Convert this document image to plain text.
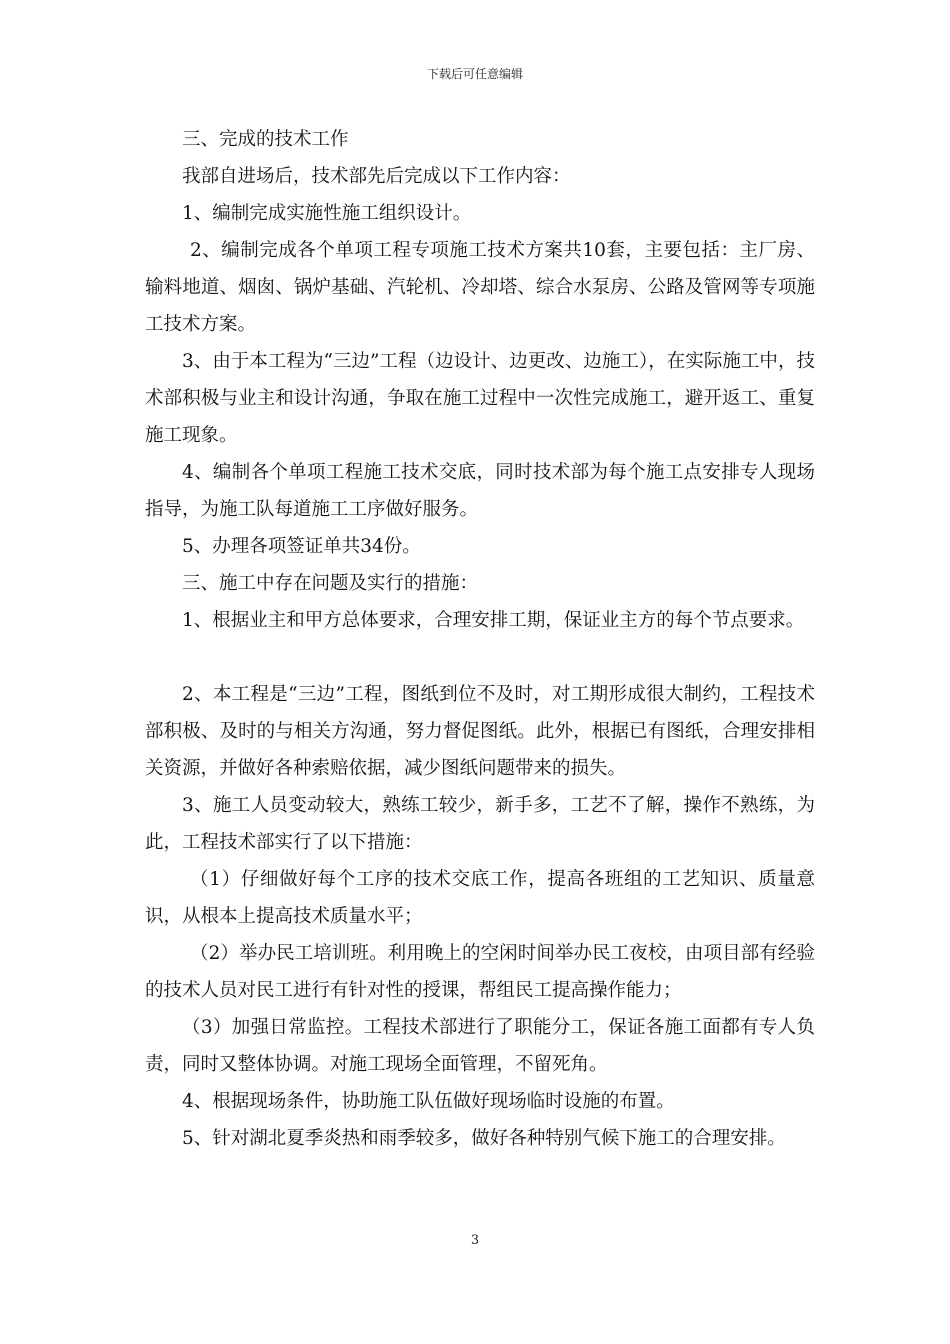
下载后可任意编辑

三、完成的技术工作

我部自进场后，技术部先后完成以下工作内容：

1、编制完成实施性施工组织设计。

2、编制完成各个单项工程专项施工技术方案共10套，主要包括：主厂房、输料地道、烟囱、锅炉基础、汽轮机、冷却塔、综合水泵房、公路及管网等专项施工技术方案。

3、由于本工程为“三边”工程（边设计、边更改、边施工），在实际施工中，技术部积极与业主和设计沟通，争取在施工过程中一次性完成施工，避开返工、重复施工现象。

4、编制各个单项工程施工技术交底，同时技术部为每个施工点安排专人现场指导，为施工队每道施工工序做好服务。

5、办理各项签证单共34份。

三、施工中存在问题及实行的措施：

1、根据业主和甲方总体要求，合理安排工期，保证业主方的每个节点要求。

2、本工程是“三边”工程，图纸到位不及时，对工期形成很大制约，工程技术部积极、及时的与相关方沟通，努力督促图纸。此外，根据已有图纸，合理安排相关资源，并做好各种索赔依据，减少图纸问题带来的损失。

3、施工人员变动较大，熟练工较少，新手多，工艺不了解，操作不熟练，为此，工程技术部实行了以下措施：

（1）仔细做好每个工序的技术交底工作，提高各班组的工艺知识、质量意识，从根本上提高技术质量水平；

（2）举办民工培训班。利用晚上的空闲时间举办民工夜校，由项目部有经验的技术人员对民工进行有针对性的授课，帮组民工提高操作能力；

（3）加强日常监控。工程技术部进行了职能分工，保证各施工面都有专人负责，同时又整体协调。对施工现场全面管理，不留死角。

4、根据现场条件，协助施工队伍做好现场临时设施的布置。

5、针对湖北夏季炎热和雨季较多，做好各种特别气候下施工的合理安排。

3
